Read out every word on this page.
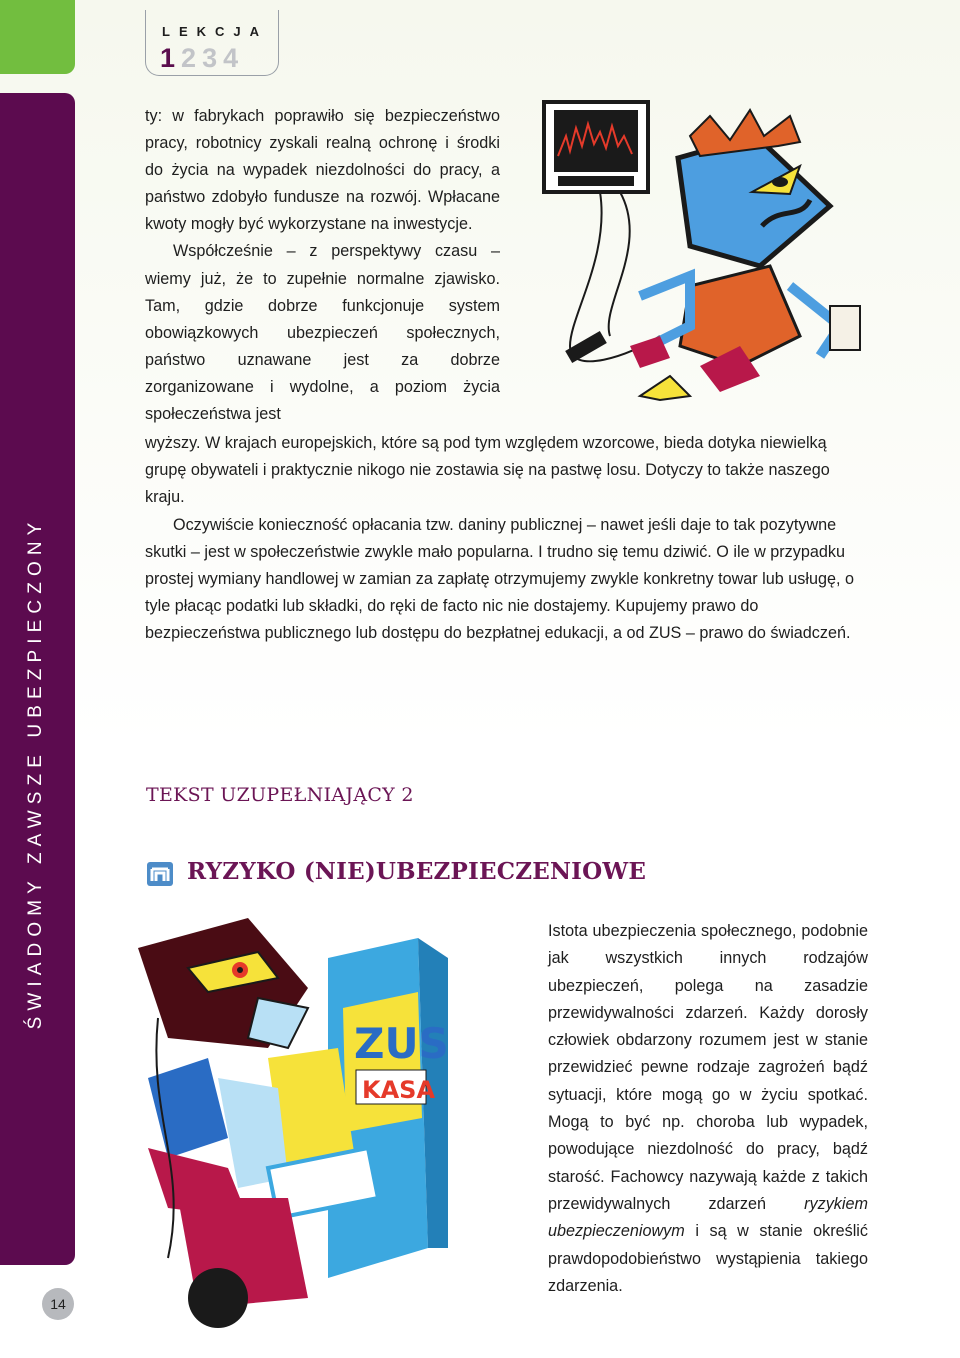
LEKCJA
1234
ŚWIADOMY ZAWSZE UBEZPIECZONY
14

ty: w fabrykach poprawiło się bezpieczeństwo pracy, robotnicy zyskali realną ochronę i środki do życia na wypadek niezdolności do pracy, a państwo zdobyło fundusze na rozwój. Wpłacane kwoty mogły być wykorzystane na inwestycje.

Współcześnie – z perspektywy czasu – wiemy już, że to zupełnie normalne zjawisko. Tam, gdzie dobrze funkcjonuje system obowiązkowych ubezpieczeń społecznych, państwo uznawane jest za dobrze zorganizowane i wydolne, a poziom życia społeczeństwa jest

wyższy. W krajach europejskich, które są pod tym względem wzorcowe, bieda dotyka niewielką grupę obywateli i praktycznie nikogo nie zostawia się na pastwę losu. Dotyczy to także naszego kraju.

Oczywiście konieczność opłacania tzw. daniny publicznej – nawet jeśli daje to tak pozytywne skutki – jest w społeczeństwie zwykle mało popularna. I trudno się temu dziwić. O ile w przypadku prostej wymiany handlowej w zamian za zapłatę otrzymujemy zwykle konkretny towar lub usługę, o tyle płacąc podatki lub składki, do ręki de facto nic nie dostajemy. Kupujemy prawo do bezpieczeństwa publicznego lub dostępu do bezpłatnej edukacji, a od ZUS – prawo do świadczeń.

TEKST UZUPEŁNIAJĄCY 2
RYZYKO (NIE)UBEZPIECZENIOWE
ZUS
KASA

Istota ubezpieczenia społecznego, podobnie jak wszystkich innych rodzajów ubezpieczeń, polega na zasadzie przewidywalności zdarzeń. Każdy dorosły człowiek obdarzony rozumem jest w stanie przewidzieć pewne rodzaje zagrożeń bądź sytuacji, które mogą go w życiu spotkać. Mogą to być np. choroba lub wypadek, powodujące niezdolność do pracy, bądź starość. Fachowcy nazywają każde z takich przewidywalnych zdarzeń ryzykiem ubezpieczeniowym i są w stanie określić prawdopodobieństwo wystąpienia takiego zdarzenia.
